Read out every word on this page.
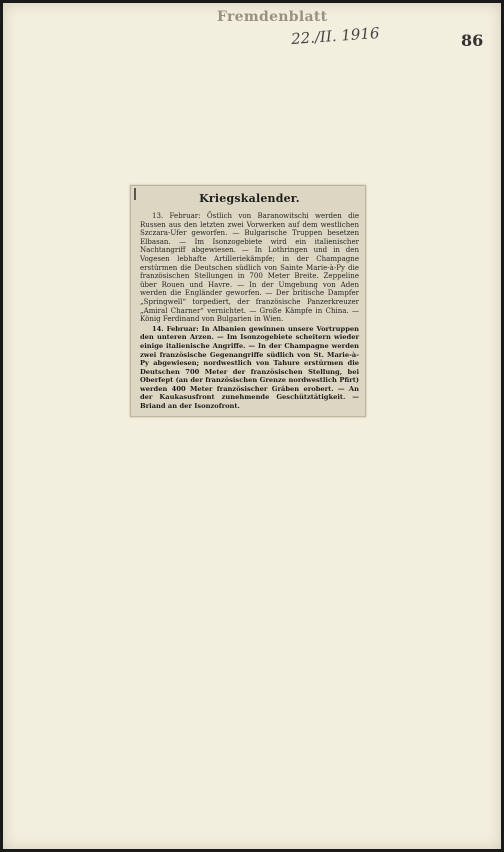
Fremdenblatt
22./II. 1916	86
Kriegskalender.

13. Februar: Östlich von Baranowitschi werden die Russen aus den letzten zwei Vorwerken auf dem westlichen Szczara-Ufer geworfen. — Bulgarische Truppen besetzen Elbasan. — Im Isonzogebiete wird ein italienischer Nachtangriff abgewiesen. — In Lothringen und in den Vogesen lebhafte Artilleriekämpfe; in der Champagne erstürmen die Deutschen südlich von Sainte Marie-à-Py die französischen Stellungen in 700 Meter Breite. Zeppeline über Rouen und Havre. — In der Umgebung von Aden werden die Engländer geworfen. — Der britische Dampfer „Springwell“ torpediert, der französische Panzerkreuzer „Amiral Charner“ vernichtet. — Große Kämpfe in China. — König Ferdinand von Bulgarien in Wien.

14. Februar: In Albanien gewinnen unsere Vortruppen den unteren Arzen. — Im Isonzogebiete scheitern wieder einige italienische Angriffe. — In der Champagne werden zwei französische Gegenangriffe südlich von St. Marie-à-Py abgewiesen; nordwestlich von Tahure erstürmen die Deutschen 700 Meter der französischen Stellung, bei Oberfept (an der französischen Grenze nordwestlich Pfirt) werden 400 Meter französischer Gräben erobert. — An der Kaukasusfront zunehmende Geschütztätigkeit. — Briand an der Isonzofront.
